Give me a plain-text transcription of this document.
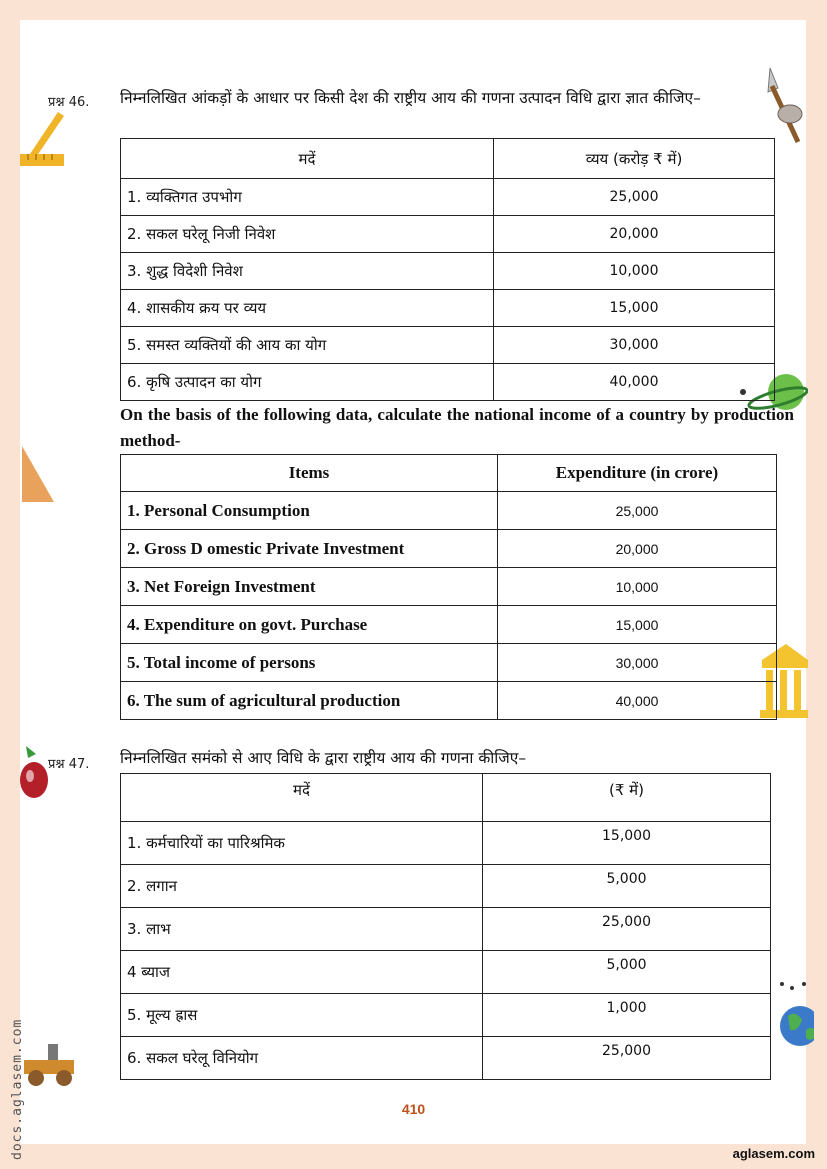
प्रश्न 46. निम्नलिखित आंकड़ों के आधार पर किसी देश की राष्ट्रीय आय की गणना उत्पादन विधि द्वारा ज्ञात कीजिए–
मदें	व्यय (करोड़ ₹ में)
1. व्यक्तिगत उपभोग	25,000
2. सकल घरेलू निजी निवेश	20,000
3. शुद्ध विदेशी निवेश	10,000
4. शासकीय क्रय पर व्यय	15,000
5. समस्त व्यक्तियों की आय का योग	30,000
6. कृषि उत्पादन का योग	40,000
On the basis of the following data, calculate the national income of a country by production method-
Items	Expenditure (in crore)
1. Personal Consumption	25,000
2. Gross D omestic Private Investment	20,000
3. Net Foreign Investment	10,000
4. Expenditure on govt. Purchase	15,000
5. Total income of persons	30,000
6. The sum of agricultural production	40,000
प्रश्न 47. निम्नलिखित समंको से आए विधि के द्वारा राष्ट्रीय आय की गणना कीजिए–
मदें	(₹ में)
1. कर्मचारियों का पारिश्रमिक	15,000
2. लगान	5,000
3. लाभ	25,000
4 ब्याज	5,000
5. मूल्य ह्रास	1,000
6. सकल घरेलू विनियोग	25,000
410
aglasem.com
docs.aglasem.com
